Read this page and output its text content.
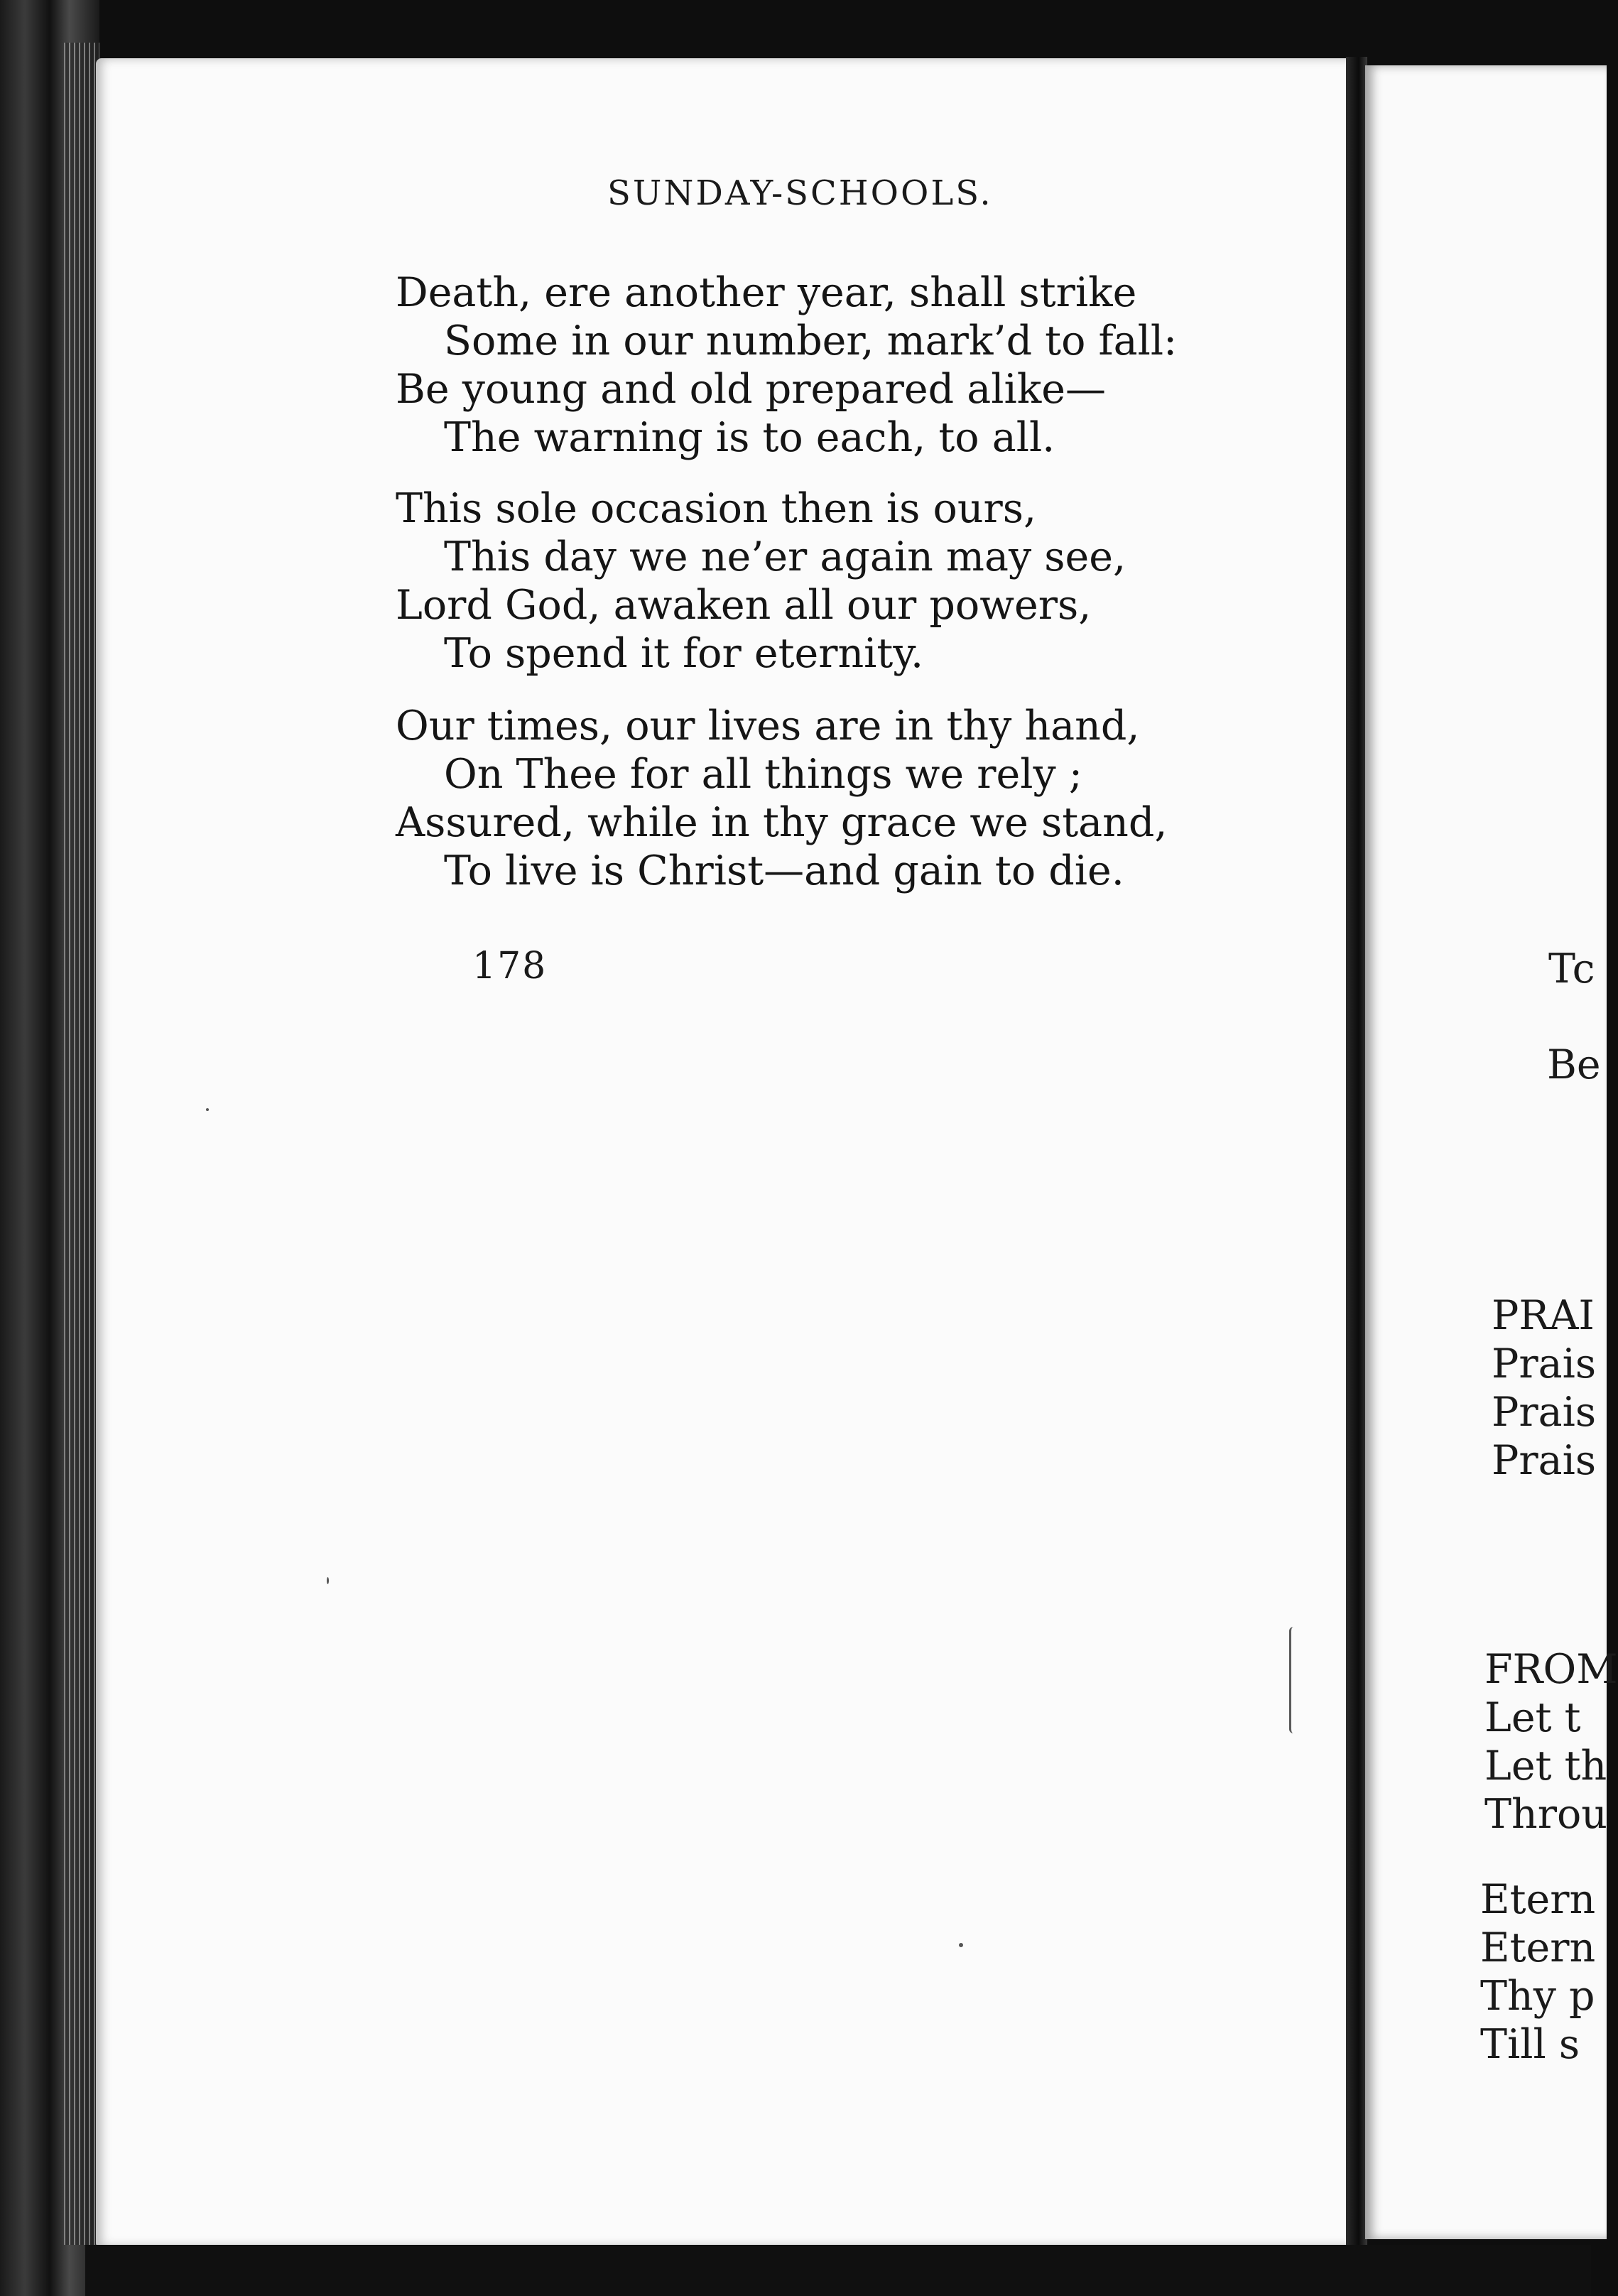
SUNDAY-SCHOOLS.
Death, ere another year, shall strike
Some in our number, mark’d to fall:
Be young and old prepared alike—
The warning is to each, to all.
This sole occasion then is ours,
This day we ne’er again may see,
Lord God, awaken all our powers,
To spend it for eternity.
Our times, our lives are in thy hand,
On Thee for all things we rely ;
Assured, while in thy grace we stand,
To live is Christ—and gain to die.
178	Tc
Be
PRAI
Prais
Prais
Prais
FROM
Let t
Let th
Throu
Etern
Etern
Thy p
Till s
